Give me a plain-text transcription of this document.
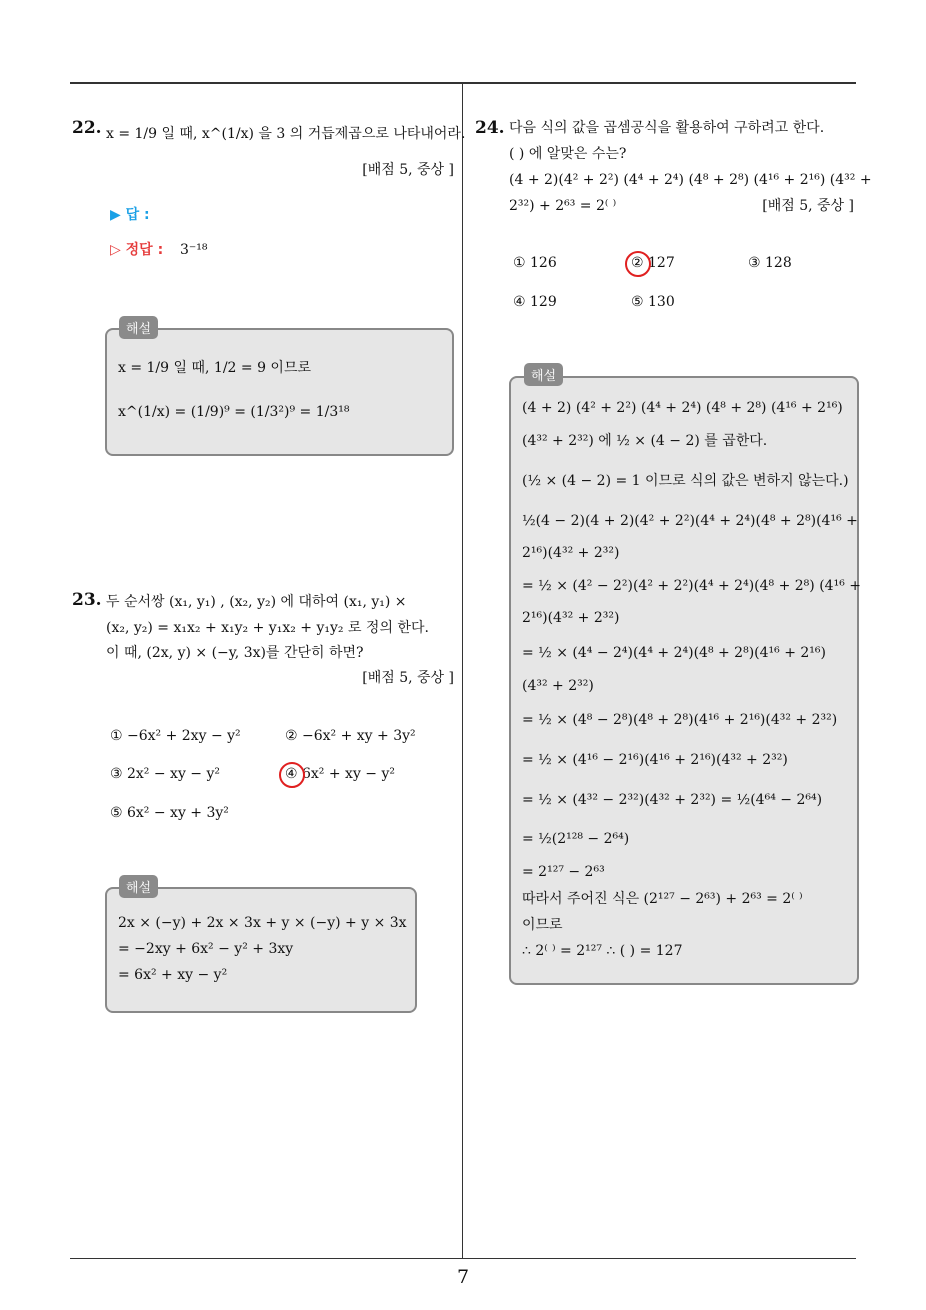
7
22. x = 1/9 일 때, x^(1/x) 을 3 의 거듭제곱으로 나타내어라.
[배점 5, 중상 ]
▶ 답 :
▷ 정답 : 3⁻¹⁸
해설
x = 1/9 일 때, 1/2 = 9 이므로
x^(1/x) = (1/9)⁹ = (1/3²)⁹ = 1/3¹⁸
23. 두 순서쌍 (x₁, y₁) , (x₂, y₂) 에 대하여 (x₁, y₁) ×
(x₂, y₂) = x₁x₂ + x₁y₂ + y₁x₂ + y₁y₂ 로 정의 한다.
이 때, (2x, y) × (−y, 3x)를 간단히 하면?
[배점 5, 중상 ]
① −6x² + 2xy − y²	② −6x² + xy + 3y²
③ 2x² − xy − y²	④ 6x² + xy − y²
⑤ 6x² − xy + 3y²
해설
2x × (−y) + 2x × 3x + y × (−y) + y × 3x
= −2xy + 6x² − y² + 3xy
= 6x² + xy − y²
24. 다음 식의 값을 곱셈공식을 활용하여 구하려고 한다.
( ) 에 알맞은 수는?
(4 + 2)(4² + 2²) (4⁴ + 2⁴) (4⁸ + 2⁸) (4¹⁶ + 2¹⁶) (4³² +
2³²) + 2⁶³ = 2⁽ ⁾	[배점 5, 중상 ]
① 126	② 127	③ 128
④ 129	⑤ 130
해설
(4 + 2) (4² + 2²) (4⁴ + 2⁴) (4⁸ + 2⁸) (4¹⁶ + 2¹⁶)
(4³² + 2³²) 에 ½ × (4 − 2) 를 곱한다.
(½ × (4 − 2) = 1 이므로 식의 값은 변하지 않는다.)
½(4 − 2)(4 + 2)(4² + 2²)(4⁴ + 2⁴)(4⁸ + 2⁸)(4¹⁶ +
2¹⁶)(4³² + 2³²)
= ½ × (4² − 2²)(4² + 2²)(4⁴ + 2⁴)(4⁸ + 2⁸) (4¹⁶ +
2¹⁶)(4³² + 2³²)
= ½ × (4⁴ − 2⁴)(4⁴ + 2⁴)(4⁸ + 2⁸)(4¹⁶ + 2¹⁶)
(4³² + 2³²)
= ½ × (4⁸ − 2⁸)(4⁸ + 2⁸)(4¹⁶ + 2¹⁶)(4³² + 2³²)
= ½ × (4¹⁶ − 2¹⁶)(4¹⁶ + 2¹⁶)(4³² + 2³²)
= ½ × (4³² − 2³²)(4³² + 2³²) = ½(4⁶⁴ − 2⁶⁴)
= ½(2¹²⁸ − 2⁶⁴)
= 2¹²⁷ − 2⁶³
따라서 주어진 식은 (2¹²⁷ − 2⁶³) + 2⁶³ = 2⁽ ⁾
이므로
∴ 2⁽ ⁾ = 2¹²⁷ ∴ ( ) = 127
